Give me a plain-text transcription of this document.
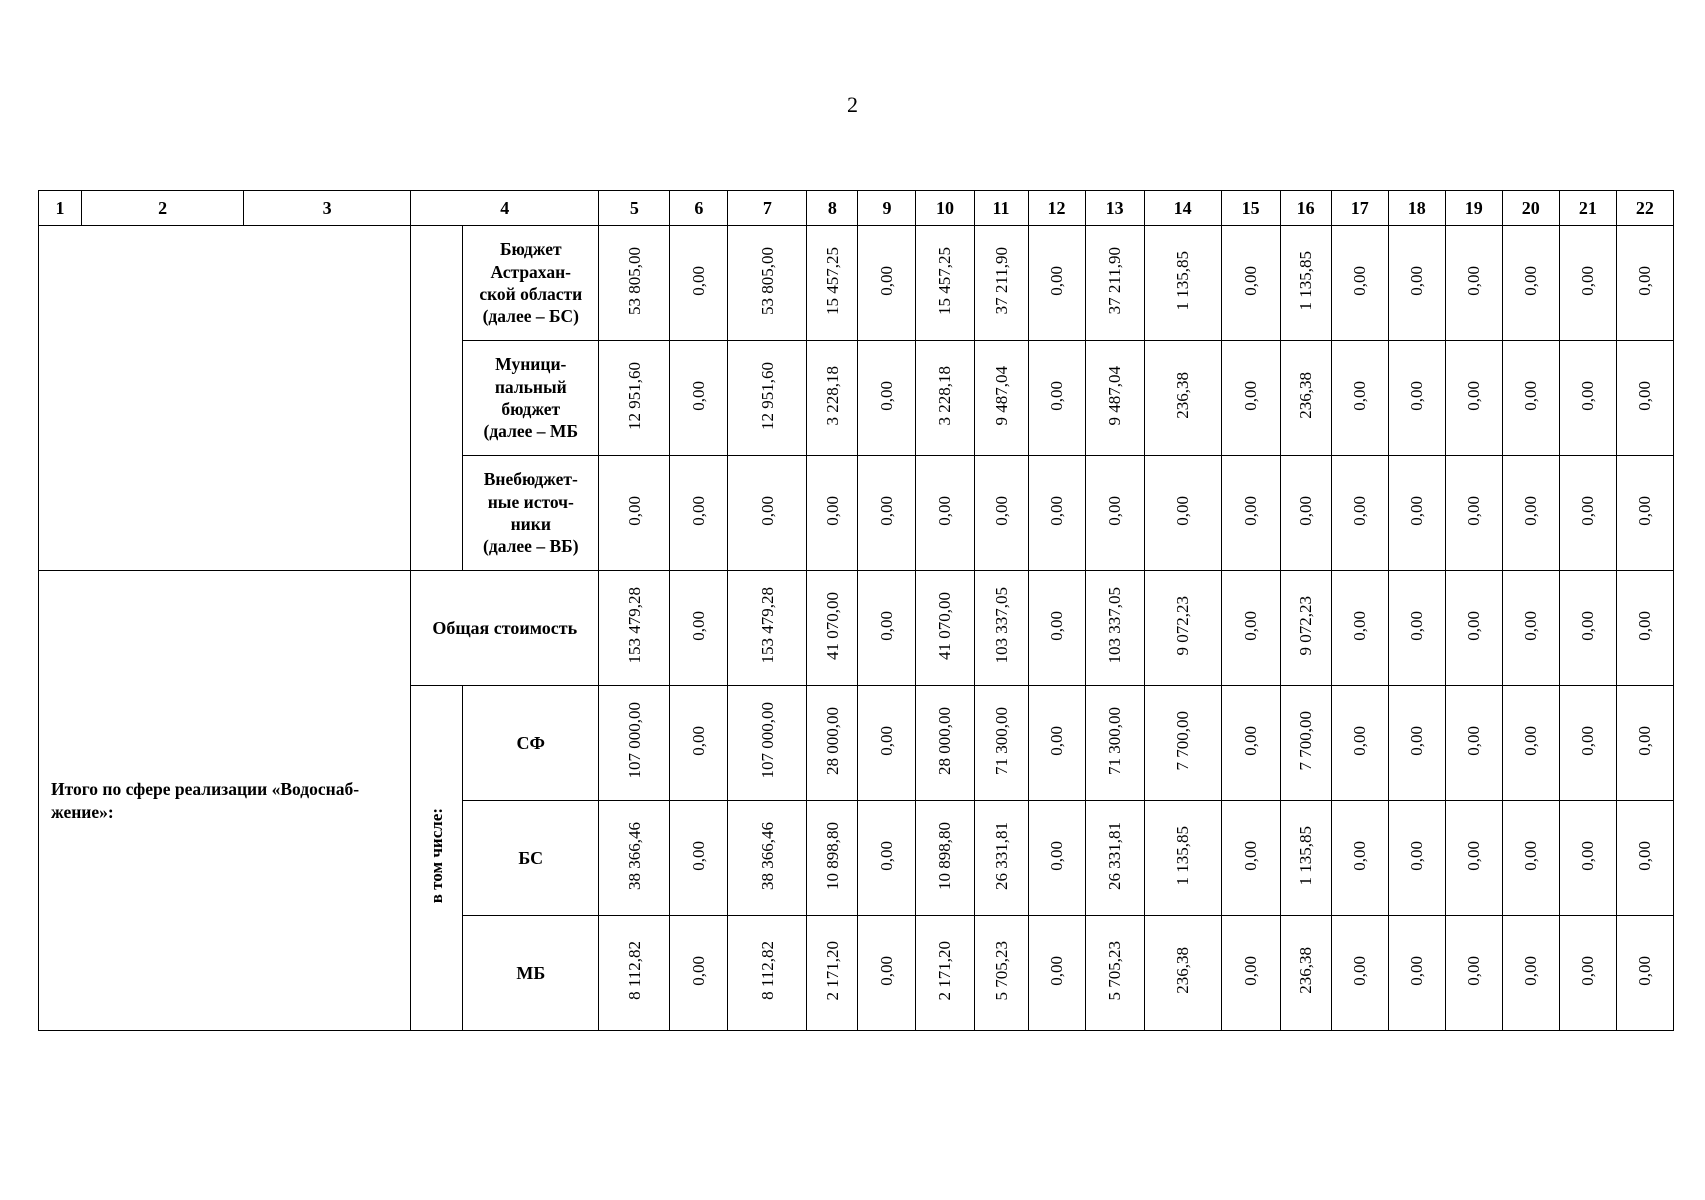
2
1	2	3	4		5	6	7	8	9	10	11	12	13	14	15	16	17	18	19	20	21	22

				Бюджет
Астрахан-
ской области
(далее – БС)	53 805,00	0,00	53 805,00	15 457,25	0,00	15 457,25	37 211,90	0,00	37 211,90	1 135,85	0,00	1 135,85	0,00	0,00	0,00	0,00	0,00	0,00

				Муници-
пальный
бюджет
(далее – МБ	12 951,60	0,00	12 951,60	3 228,18	0,00	3 228,18	9 487,04	0,00	9 487,04	236,38	0,00	236,38	0,00	0,00	0,00	0,00	0,00	0,00

				Внебюджет-
ные источ-
ники
(далее – ВБ)	0,00	0,00	0,00	0,00	0,00	0,00	0,00	0,00	0,00	0,00	0,00	0,00	0,00	0,00	0,00	0,00	0,00	0,00

Итого по сфере реализации «Водоснаб-
жение»:			Общая стоимость		153 479,28	0,00	153 479,28	41 070,00	0,00	41 070,00	103 337,05	0,00	103 337,05	9 072,23	0,00	9 072,23	0,00	0,00	0,00	0,00	0,00	0,00
			в том числе:	СФ	107 000,00	0,00	107 000,00	28 000,00	0,00	28 000,00	71 300,00	0,00	71 300,00	7 700,00	0,00	7 700,00	0,00	0,00	0,00	0,00	0,00	0,00
				БС	38 366,46	0,00	38 366,46	10 898,80	0,00	10 898,80	26 331,81	0,00	26 331,81	1 135,85	0,00	1 135,85	0,00	0,00	0,00	0,00	0,00	0,00
				МБ	8 112,82	0,00	8 112,82	2 171,20	0,00	2 171,20	5 705,23	0,00	5 705,23	236,38	0,00	236,38	0,00	0,00	0,00	0,00	0,00	0,00
